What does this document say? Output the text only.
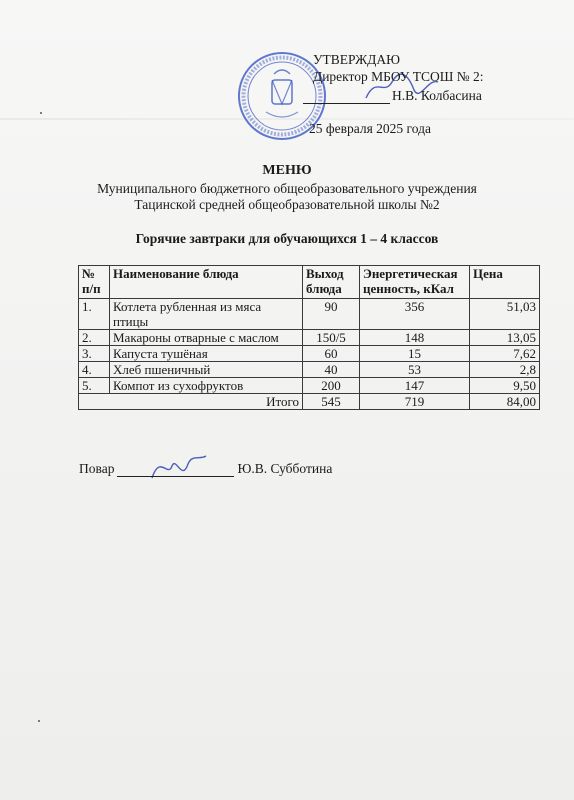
УТВЕРЖДАЮ
Директор МБОУ ТСОШ № 2:
Н.В. Колбасина
25 февраля 2025 года
МЕНЮ
Муниципального бюджетного общеобразовательного учреждения
Тацинской средней общеобразовательной школы №2
Горячие завтраки для обучающихся 1 – 4 классов
№ п/п	Наименование блюда	Выход блюда	Энергетическая ценность, кКал	Цена
1.	Котлета рубленная из мяса птицы	90	356	51,03
2.	Макароны отварные с маслом	150/5	148	13,05
3.	Капуста тушёная	60	15	7,62
4.	Хлеб пшеничный	40	53	2,8
5.	Компот из сухофруктов	200	147	9,50
Итого		545	719	84,00
Повар	Ю.В. Субботина
